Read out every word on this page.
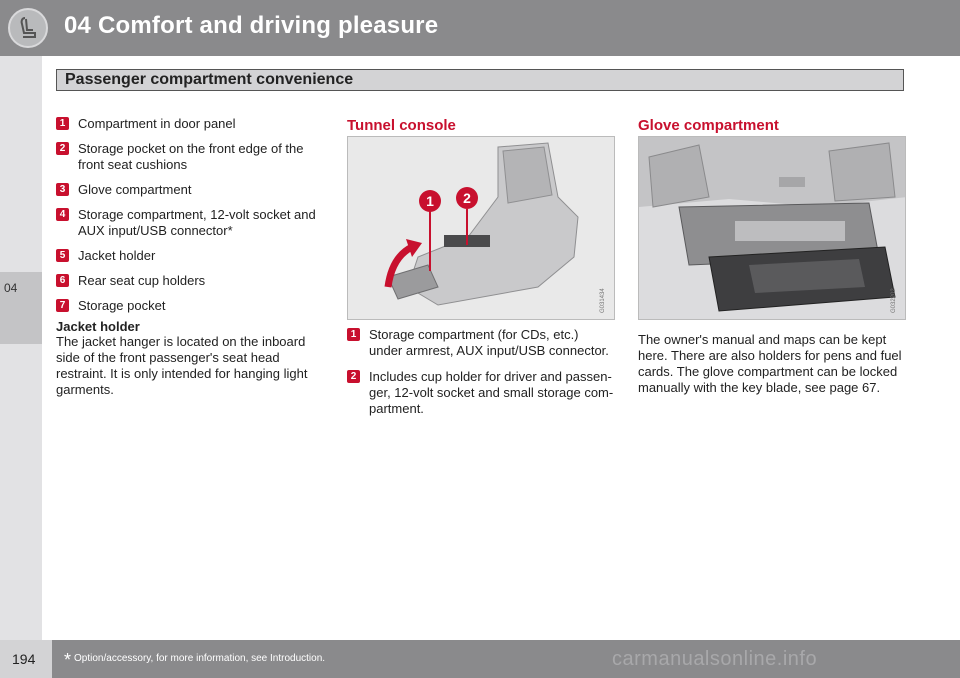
04 Comfort and driving pleasure
Passenger compartment convenience
04
1 Compartment in door panel
2 Storage pocket on the front edge of the front seat cushions
3 Glove compartment
4 Storage compartment, 12-volt socket and AUX input/USB connector*
5 Jacket holder
6 Rear seat cup holders
7 Storage pocket
Jacket holder
The jacket hanger is located on the inboard side of the front passenger's seat head restraint. It is only intended for hanging light garments.
Tunnel console
1	2
G031434
1 Storage compartment (for CDs, etc.) under armrest, AUX input/USB connector.
2 Includes cup holder for driver and passen-ger, 12-volt socket and small storage com-partment.
Glove compartment
G032202
The owner's manual and maps can be kept here. There are also holders for pens and fuel cards. The glove compartment can be locked manually with the key blade, see page 67.
194 * Option/accessory, for more information, see Introduction.	carmanualsonline.info
